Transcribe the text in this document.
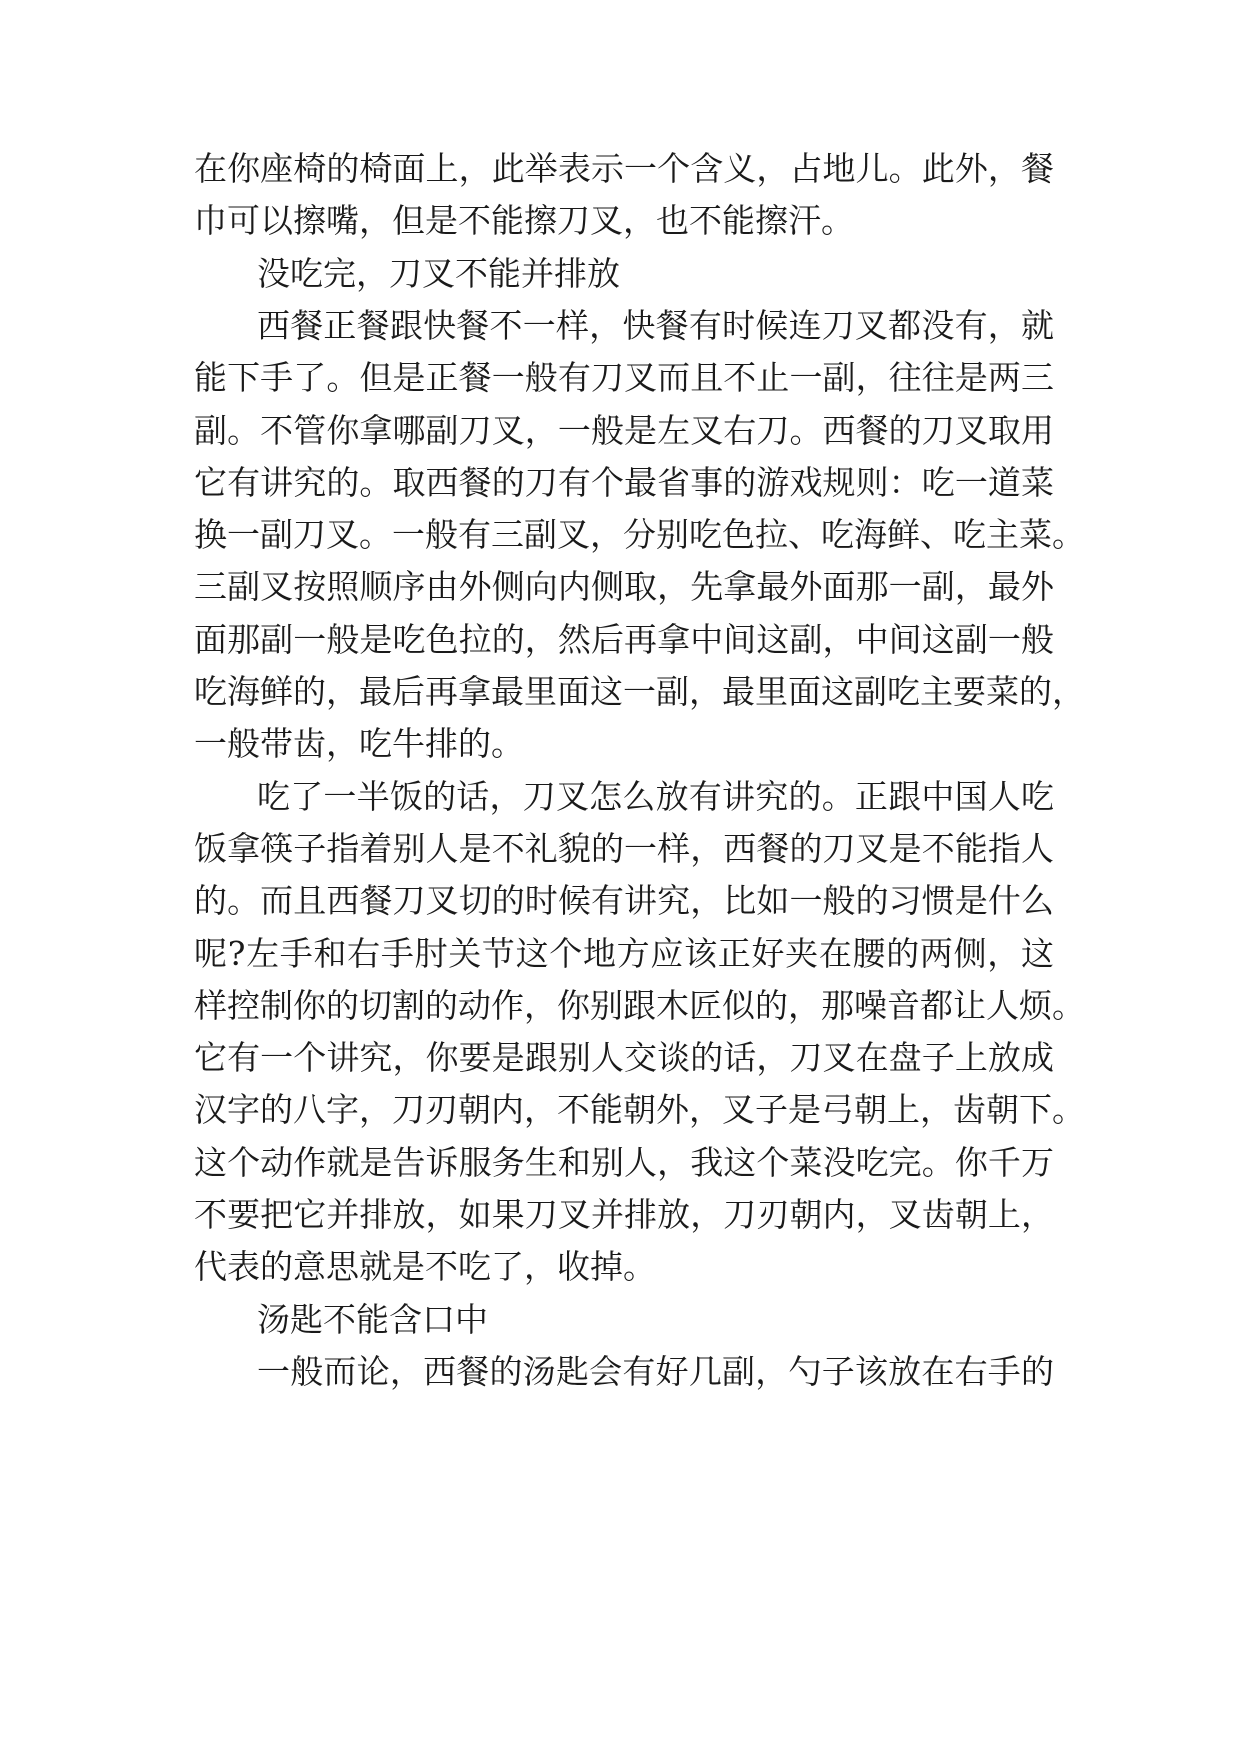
在你座椅的椅面上，此举表示一个含义，占地儿。此外，餐
巾可以擦嘴，但是不能擦刀叉，也不能擦汗。
没吃完，刀叉不能并排放
西餐正餐跟快餐不一样，快餐有时候连刀叉都没有，就
能下手了。但是正餐一般有刀叉而且不止一副，往往是两三
副。不管你拿哪副刀叉，一般是左叉右刀。西餐的刀叉取用
它有讲究的。取西餐的刀有个最省事的游戏规则：吃一道菜
换一副刀叉。一般有三副叉，分别吃色拉、吃海鲜、吃主菜。
三副叉按照顺序由外侧向内侧取，先拿最外面那一副，最外
面那副一般是吃色拉的，然后再拿中间这副，中间这副一般
吃海鲜的，最后再拿最里面这一副，最里面这副吃主要菜的，
一般带齿，吃牛排的。
吃了一半饭的话，刀叉怎么放有讲究的。正跟中国人吃
饭拿筷子指着别人是不礼貌的一样，西餐的刀叉是不能指人
的。而且西餐刀叉切的时候有讲究，比如一般的习惯是什么
呢?左手和右手肘关节这个地方应该正好夹在腰的两侧，这
样控制你的切割的动作，你别跟木匠似的，那噪音都让人烦。
它有一个讲究，你要是跟别人交谈的话，刀叉在盘子上放成
汉字的八字，刀刃朝内，不能朝外，叉子是弓朝上，齿朝下。
这个动作就是告诉服务生和别人，我这个菜没吃完。你千万
不要把它并排放，如果刀叉并排放，刀刃朝内，叉齿朝上，
代表的意思就是不吃了，收掉。
汤匙不能含口中
一般而论，西餐的汤匙会有好几副，勺子该放在右手的
